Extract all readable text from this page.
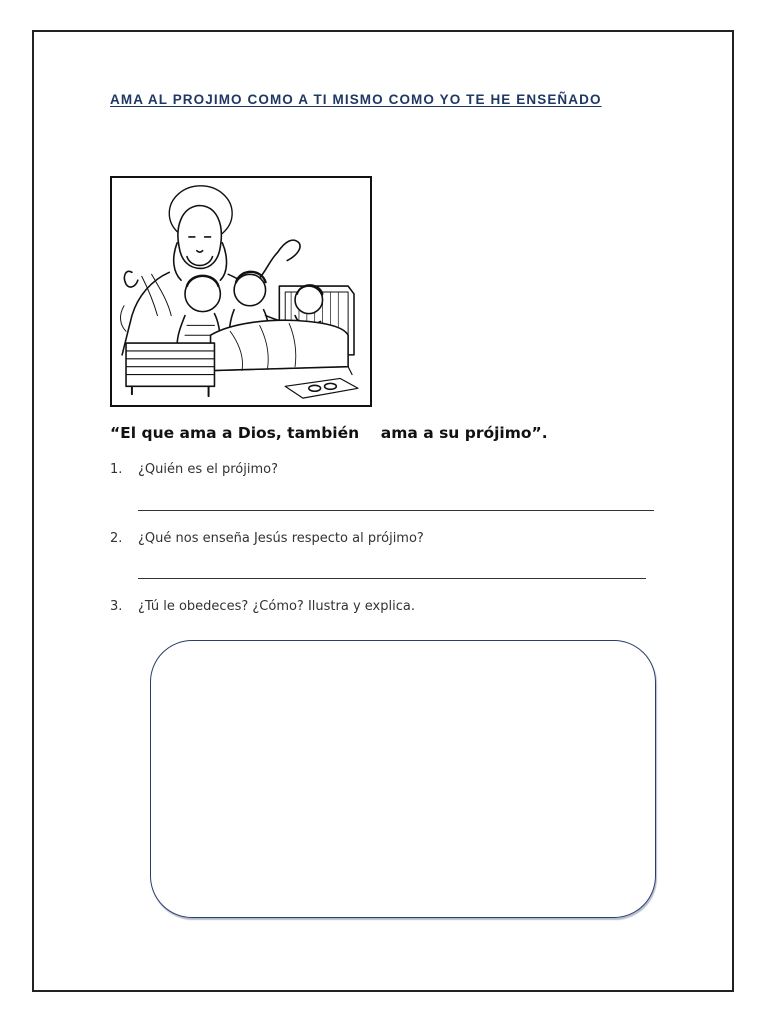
AMA AL PROJIMO COMO A TI MISMO COMO YO TE HE ENSEÑADO

“El que ama a Dios, también    ama a su prójimo”.

1. ¿Quién es el prójimo?
2. ¿Qué nos enseña Jesús respecto al prójimo?
3. ¿Tú le obedeces? ¿Cómo? Ilustra y explica.
